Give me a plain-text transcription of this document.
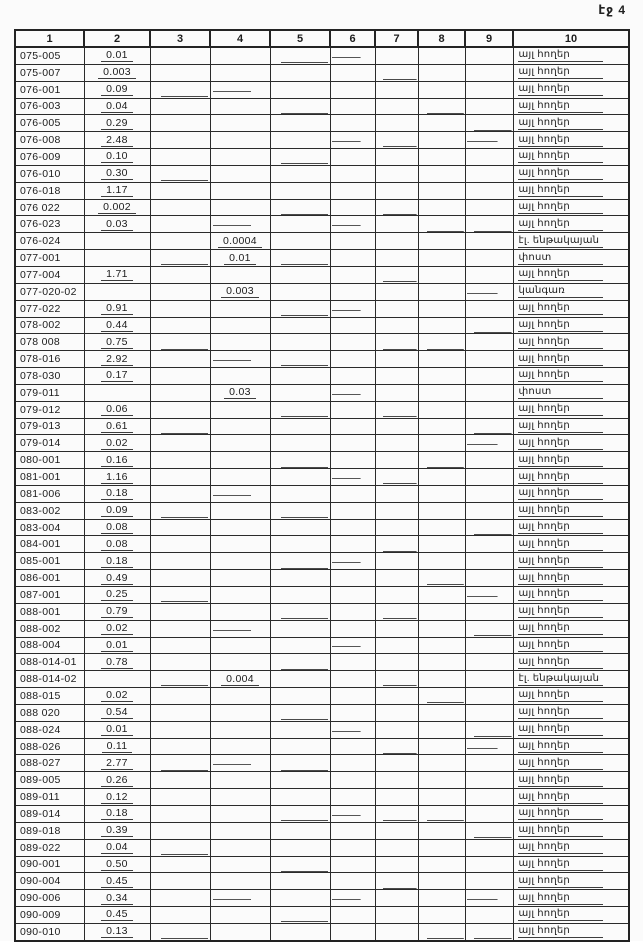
էջ 4
1	2	3	4	5	6	7	8	9	10
075-005	0.01								այլ հողեր
075-007	0.003								այլ հողեր
076-001	0.09								այլ հողեր
076-003	0.04								այլ հողեր
076-005	0.29								այլ հողեր
076-008	2.48								այլ հողեր
076-009	0.10								այլ հողեր
076-010	0.30								այլ հողեր
076-018	1.17								այլ հողեր
076 022	0.002								այլ հողեր
076-023	0.03								այլ հողեր
076-024			0.0004						էլ. ենթակայան
077-001			0.01						փոստ
077-004	1.71								այլ հողեր
077-020-02			0.003						կանգառ
077-022	0.91								այլ հողեր
078-002	0.44								այլ հողեր
078 008	0.75								այլ հողեր
078-016	2.92								այլ հողեր
078-030	0.17								այլ հողեր
079-011			0.03						փոստ
079-012	0.06								այլ հողեր
079-013	0.61								այլ հողեր
079-014	0.02								այլ հողեր
080-001	0.16								այլ հողեր
081-001	1.16								այլ հողեր
081-006	0.18								այլ հողեր
083-002	0.09								այլ հողեր
083-004	0.08								այլ հողեր
084-001	0.08								այլ հողեր
085-001	0.18								այլ հողեր
086-001	0.49								այլ հողեր
087-001	0.25								այլ հողեր
088-001	0.79								այլ հողեր
088-002	0.02								այլ հողեր
088-004	0.01								այլ հողեր
088-014-01	0.78								այլ հողեր
088-014-02			0.004						էլ. ենթակայան
088-015	0.02								այլ հողեր
088 020	0.54								այլ հողեր
088-024	0.01								այլ հողեր
088-026	0.11								այլ հողեր
088-027	2.77								այլ հողեր
089-005	0.26								այլ հողեր
089-011	0.12								այլ հողեր
089-014	0.18								այլ հողեր
089-018	0.39								այլ հողեր
089-022	0.04								այլ հողեր
090-001	0.50								այլ հողեր
090-004	0.45								այլ հողեր
090-006	0.34								այլ հողեր
090-009	0.45								այլ հողեր
090-010	0.13								այլ հողեր
